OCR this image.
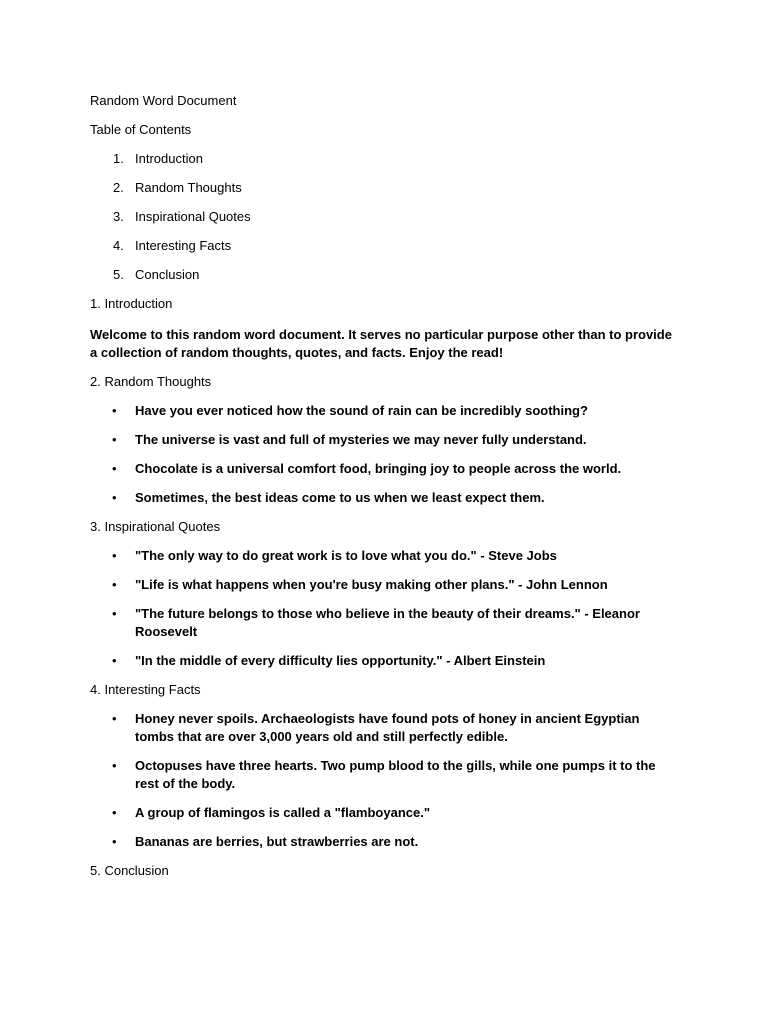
Random Word Document

Table of Contents

1. Introduction
2. Random Thoughts
3. Inspirational Quotes
4. Interesting Facts
5. Conclusion

1. Introduction

Welcome to this random word document. It serves no particular purpose other than to provide a collection of random thoughts, quotes, and facts. Enjoy the read!

2. Random Thoughts

• Have you ever noticed how the sound of rain can be incredibly soothing?
• The universe is vast and full of mysteries we may never fully understand.
• Chocolate is a universal comfort food, bringing joy to people across the world.
• Sometimes, the best ideas come to us when we least expect them.

3. Inspirational Quotes

• "The only way to do great work is to love what you do." - Steve Jobs
• "Life is what happens when you're busy making other plans." - John Lennon
• "The future belongs to those who believe in the beauty of their dreams." - Eleanor Roosevelt
• "In the middle of every difficulty lies opportunity." - Albert Einstein

4. Interesting Facts

• Honey never spoils. Archaeologists have found pots of honey in ancient Egyptian tombs that are over 3,000 years old and still perfectly edible.
• Octopuses have three hearts. Two pump blood to the gills, while one pumps it to the rest of the body.
• A group of flamingos is called a "flamboyance."
• Bananas are berries, but strawberries are not.

5. Conclusion
